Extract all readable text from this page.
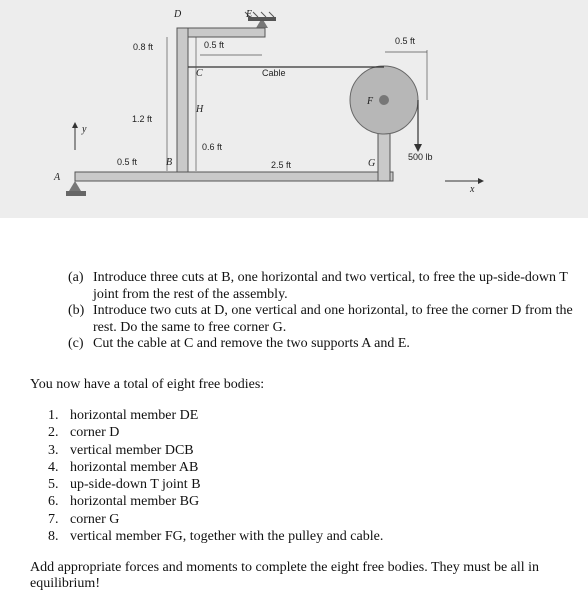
D	E
C
H
B
F
G
A
0.8 ft	0.5 ft	0.5 ft
1.2 ft
0.6 ft
0.5 ft	2.5 ft
Cable
500 lb
y
x

(a) Introduce three cuts at B, one horizontal and two vertical, to free the up-side-down T joint from the rest of the assembly.

(b) Introduce two cuts at D, one vertical and one horizontal, to free the corner D from the rest. Do the same to free corner G.

(c) Cut the cable at C and remove the two supports A and E.

You now have a total of eight free bodies:
1. horizontal member DE
2. corner D
3. vertical member DCB
4. horizontal member AB
5. up-side-down T joint B
6. horizontal member BG
7. corner G
8. vertical member FG, together with the pulley and cable.
Add appropriate forces and moments to complete the eight free bodies. They must be all in equilibrium!
